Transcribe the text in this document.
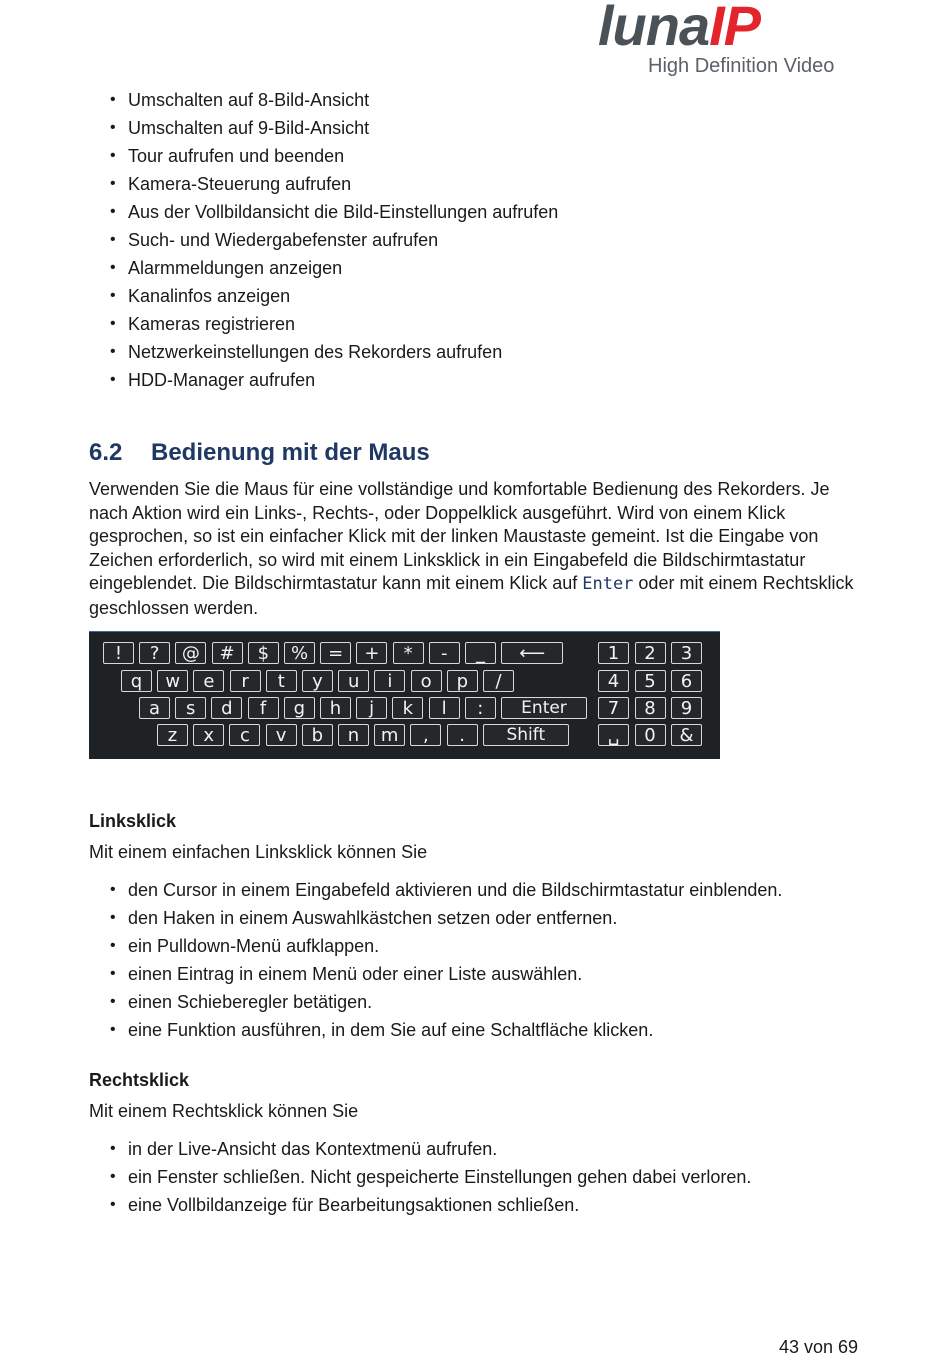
lunaIP
High Definition Video
• Umschalten auf 8-Bild-Ansicht
• Umschalten auf 9-Bild-Ansicht
• Tour aufrufen und beenden
• Kamera-Steuerung aufrufen
• Aus der Vollbildansicht die Bild-Einstellungen aufrufen
• Such- und Wiedergabefenster aufrufen
• Alarmmeldungen anzeigen
• Kanalinfos anzeigen
• Kameras registrieren
• Netzwerkeinstellungen des Rekorders aufrufen
• HDD-Manager aufrufen
6.2 Bedienung mit der Maus
Verwenden Sie die Maus für eine vollständige und komfortable Bedienung des Rekorders. Je nach Aktion wird ein Links-, Rechts-, oder Doppelklick ausgeführt. Wird von einem Klick gesprochen, so ist ein einfacher Klick mit der linken Maustaste gemeint. Ist die Eingabe von Zeichen erforderlich, so wird mit einem Linksklick in ein Eingabefeld die Bildschirmtastatur eingeblendet. Die Bildschirmtastatur kann mit einem Klick auf Enter oder mit einem Rechtsklick geschlossen werden.
!	?	@	#	$	%	=	+	*	-	_	⟵
q	w	e	r	t	y	u	i	o	p	/
a	s	d	f	g	h	j	k	l	:	Enter
z	x	c	v	b	n	m	,	.	Shift
1	2	3
4	5	6
7	8	9
␣	0	&
Linksklick
Mit einem einfachen Linksklick können Sie
• den Cursor in einem Eingabefeld aktivieren und die Bildschirmtastatur einblenden.
• den Haken in einem Auswahlkästchen setzen oder entfernen.
• ein Pulldown-Menü aufklappen.
• einen Eintrag in einem Menü oder einer Liste auswählen.
• einen Schieberegler betätigen.
• eine Funktion ausführen, in dem Sie auf eine Schaltfläche klicken.
Rechtsklick
Mit einem Rechtsklick können Sie
• in der Live-Ansicht das Kontextmenü aufrufen.
• ein Fenster schließen. Nicht gespeicherte Einstellungen gehen dabei verloren.
• eine Vollbildanzeige für Bearbeitungsaktionen schließen.
43 von 69
